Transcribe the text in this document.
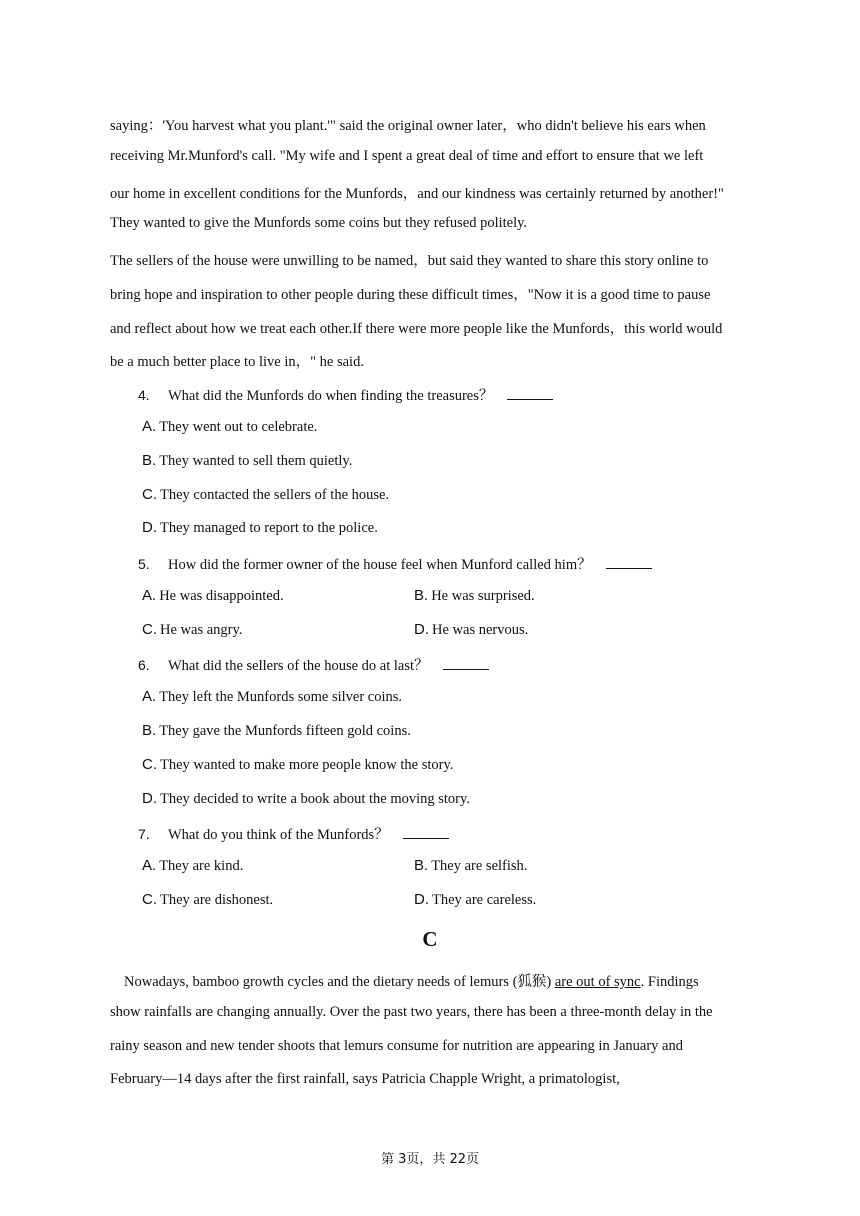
saying：'You harvest what you plant.'" said the original owner later，who didn't believe his ears when
receiving Mr.Munford's call. "My wife and I spent a great deal of time and effort to ensure that we left
our home in excellent conditions for the Munfords，and our kindness was certainly returned by another!"
They wanted to give the Munfords some coins but they refused politely.
The sellers of the house were unwilling to be named，but said they wanted to share this story online to
bring hope and inspiration to other people during these difficult times，"Now it is a good time to pause
and reflect about how we treat each other.If there were more people like the Munfords，this world would
be a much better place to live in，" he said.
4. What did the Munfords do when finding the treasures？
A. They went out to celebrate.
B. They wanted to sell them quietly.
C. They contacted the sellers of the house.
D. They managed to report to the police.
5. How did the former owner of the house feel when Munford called him？
A. He was disappointed.	B. He was surprised.
C. He was angry.	D. He was nervous.
6. What did the sellers of the house do at last？
A. They left the Munfords some silver coins.
B. They gave the Munfords fifteen gold coins.
C. They wanted to make more people know the story.
D. They decided to write a book about the moving story.
7. What do you think of the Munfords？
A. They are kind.	B. They are selfish.
C. They are dishonest.	D. They are careless.
C
Nowadays, bamboo growth cycles and the dietary needs of lemurs (狐猴) are out of sync. Findings
show rainfalls are changing annually. Over the past two years, there has been a three-month delay in the
rainy season and new tender shoots that lemurs consume for nutrition are appearing in January and
February—14 days after the first rainfall, says Patricia Chapple Wright, a primatologist,
第 3页，共 22页
